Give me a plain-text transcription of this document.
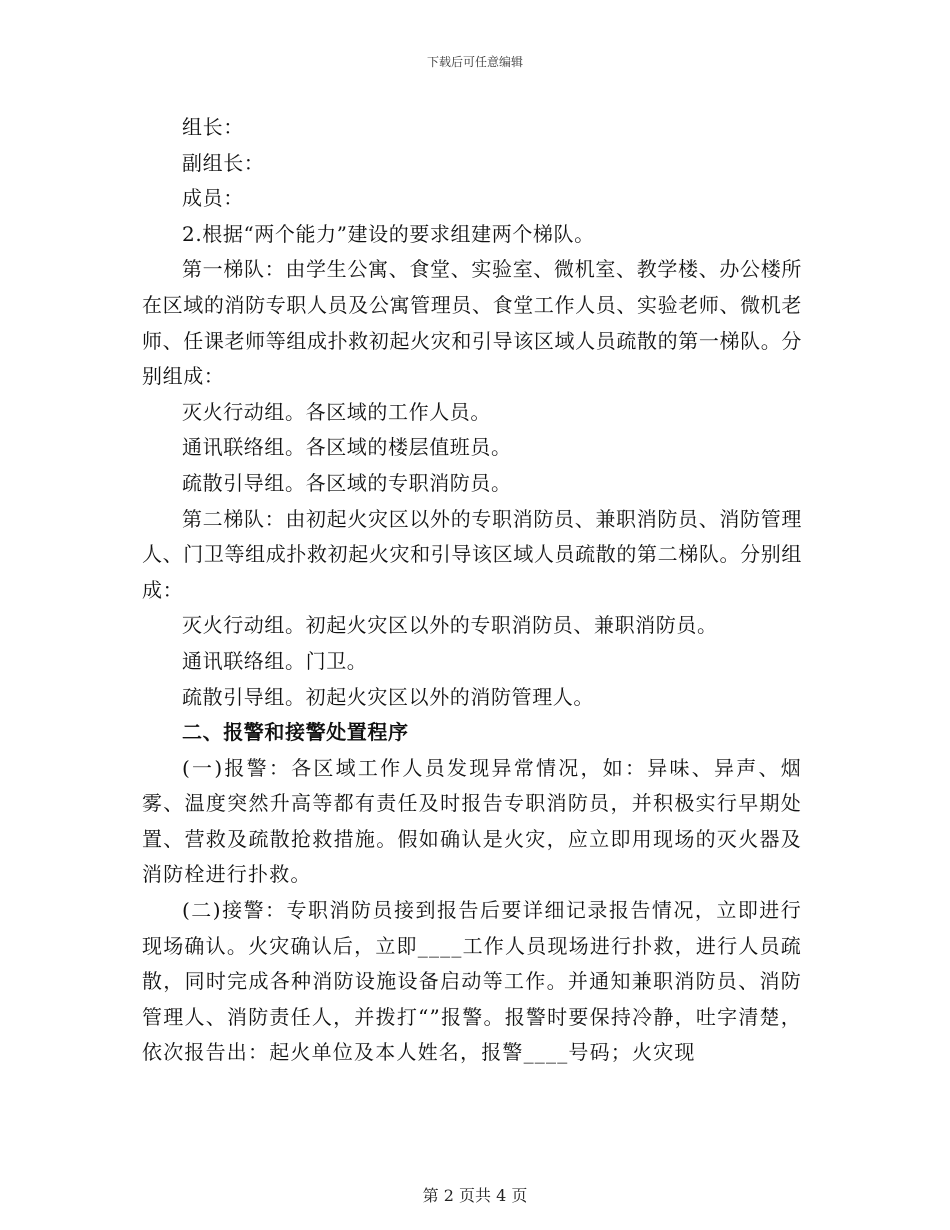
下载后可任意编辑

组长：

副组长：

成员：

2.根据“两个能力”建设的要求组建两个梯队。

第一梯队：由学生公寓、食堂、实验室、微机室、教学楼、办公楼所在区域的消防专职人员及公寓管理员、食堂工作人员、实验老师、微机老师、任课老师等组成扑救初起火灾和引导该区域人员疏散的第一梯队。分别组成：

灭火行动组。各区域的工作人员。

通讯联络组。各区域的楼层值班员。

疏散引导组。各区域的专职消防员。

第二梯队：由初起火灾区以外的专职消防员、兼职消防员、消防管理人、门卫等组成扑救初起火灾和引导该区域人员疏散的第二梯队。分别组成：

灭火行动组。初起火灾区以外的专职消防员、兼职消防员。

通讯联络组。门卫。

疏散引导组。初起火灾区以外的消防管理人。

二、报警和接警处置程序

(一)报警：各区域工作人员发现异常情况，如：异味、异声、烟雾、温度突然升高等都有责任及时报告专职消防员，并积极实行早期处置、营救及疏散抢救措施。假如确认是火灾，应立即用现场的灭火器及消防栓进行扑救。

(二)接警：专职消防员接到报告后要详细记录报告情况，立即进行现场确认。火灾确认后，立即____工作人员现场进行扑救，进行人员疏散，同时完成各种消防设施设备启动等工作。并通知兼职消防员、消防管理人、消防责任人，并拨打“”报警。报警时要保持冷静，吐字清楚，依次报告出：起火单位及本人姓名，报警____号码；火灾现

第 2 页共 4 页
